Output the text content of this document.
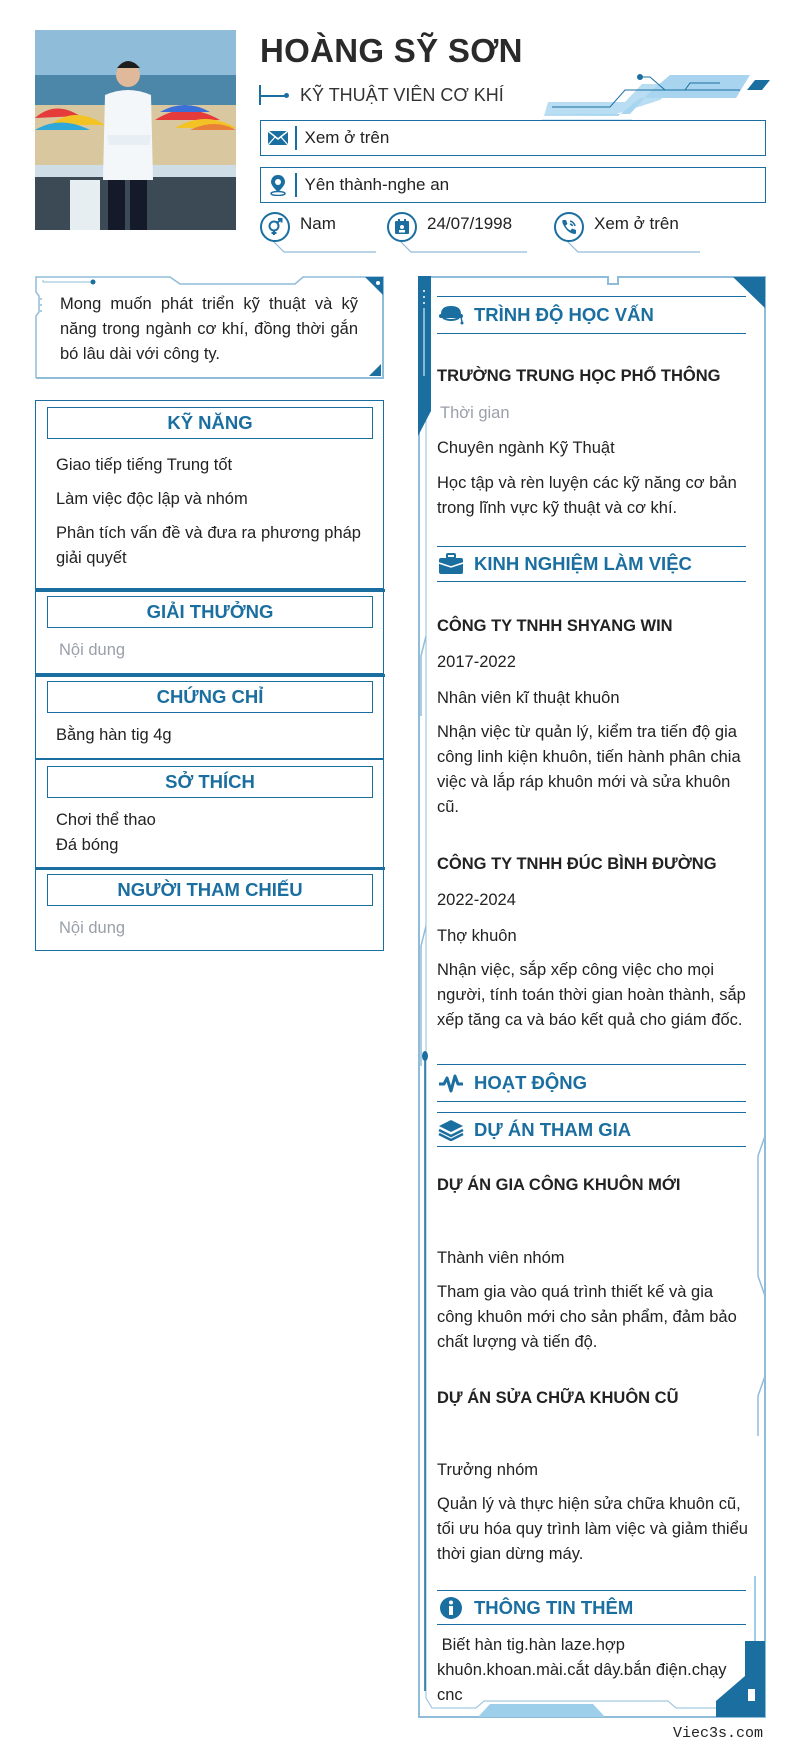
HOÀNG SỸ SƠN
KỸ THUẬT VIÊN CƠ KHÍ
Xem ở trên
Yên thành-nghe an
Nam	24/07/1998	Xem ở trên
Mong muốn phát triển kỹ thuật và kỹ năng trong ngành cơ khí, đồng thời gắn bó lâu dài với công ty.
KỸ NĂNG
Giao tiếp tiếng Trung tốt
Làm việc độc lập và nhóm
Phân tích vấn đề và đưa ra phương pháp giải quyết
GIẢI THƯỞNG
Nội dung
CHỨNG CHỈ
Bằng hàn tig 4g
SỞ THÍCH
Chơi thể thao
Đá bóng
NGƯỜI THAM CHIẾU
Nội dung
TRÌNH ĐỘ HỌC VẤN
TRƯỜNG TRUNG HỌC PHỔ THÔNG
Thời gian
Chuyên ngành Kỹ Thuật
Học tập và rèn luyện các kỹ năng cơ bản trong lĩnh vực kỹ thuật và cơ khí.
KINH NGHIỆM LÀM VIỆC
CÔNG TY TNHH SHYANG WIN
2017-2022
Nhân viên kĩ thuật khuôn
Nhận việc từ quản lý, kiểm tra tiến độ gia công linh kiện khuôn, tiến hành phân chia việc và lắp ráp khuôn mới và sửa khuôn cũ.
CÔNG TY TNHH ĐÚC BÌNH ĐƯỜNG
2022-2024
Thợ khuôn
Nhận việc, sắp xếp công việc cho mọi người, tính toán thời gian hoàn thành, sắp xếp tăng ca và báo kết quả cho giám đốc.
HOẠT ĐỘNG
DỰ ÁN THAM GIA
DỰ ÁN GIA CÔNG KHUÔN MỚI
Thành viên nhóm
Tham gia vào quá trình thiết kế và gia công khuôn mới cho sản phẩm, đảm bảo chất lượng và tiến độ.
DỰ ÁN SỬA CHỮA KHUÔN CŨ
Trưởng nhóm
Quản lý và thực hiện sửa chữa khuôn cũ, tối ưu hóa quy trình làm việc và giảm thiểu thời gian dừng máy.
THÔNG TIN THÊM
Biết hàn tig.hàn laze.hợp khuôn.khoan.mài.cắt dây.bắn điện.chạy cnc
Viec3s.com
